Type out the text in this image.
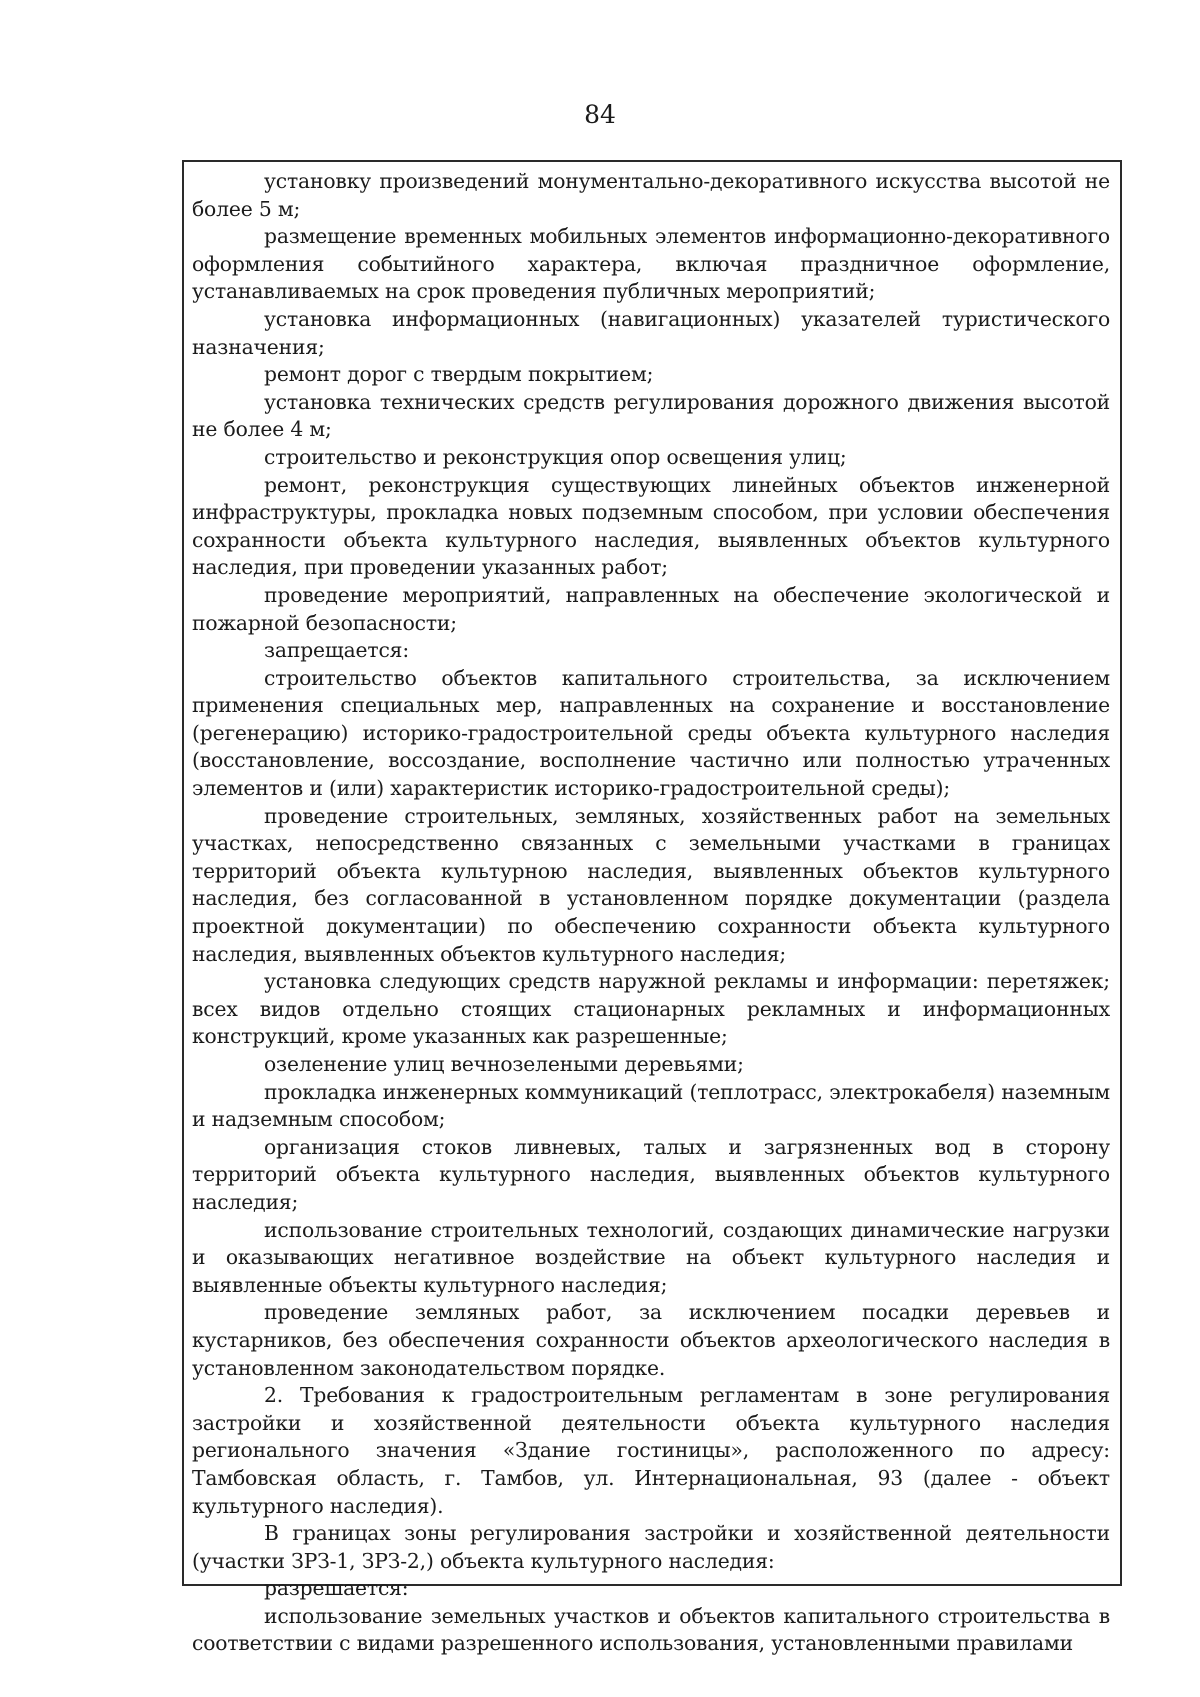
84

установку произведений монументально-декоративного искусства высотой не более 5 м;

размещение временных мобильных элементов информационно-декоративного оформления событийного характера, включая праздничное оформление, устанавливаемых на срок проведения публичных мероприятий;

установка информационных (навигационных) указателей туристического назначения;

ремонт дорог с твердым покрытием;

установка технических средств регулирования дорожного движения высотой не более 4 м;

строительство и реконструкция опор освещения улиц;

ремонт, реконструкция существующих линейных объектов инженерной инфраструктуры, прокладка новых подземным способом, при условии обеспечения сохранности объекта культурного наследия, выявленных объектов культурного наследия, при проведении указанных работ;

проведение мероприятий, направленных на обеспечение экологической и пожарной безопасности;

запрещается:

строительство объектов капитального строительства, за исключением применения специальных мер, направленных на сохранение и восстановление (регенерацию) историко-градостроительной среды объекта культурного наследия (восстановление, воссоздание, восполнение частично или полностью утраченных элементов и (или) характеристик историко-градостроительной среды);

проведение строительных, земляных, хозяйственных работ на земельных участках, непосредственно связанных с земельными участками в границах территорий объекта культурною наследия, выявленных объектов культурного наследия, без согласованной в установленном порядке документации (раздела проектной документации) по обеспечению сохранности объекта культурного наследия, выявленных объектов культурного наследия;

установка следующих средств наружной рекламы и информации: перетяжек; всех видов отдельно стоящих стационарных рекламных и информационных конструкций, кроме указанных как разрешенные;

озеленение улиц вечнозелеными деревьями;

прокладка инженерных коммуникаций (теплотрасс, электрокабеля) наземным и надземным способом;

организация стоков ливневых, талых и загрязненных вод в сторону территорий объекта культурного наследия, выявленных объектов культурного наследия;

использование строительных технологий, создающих динамические нагрузки и оказывающих негативное воздействие на объект культурного наследия и выявленные объекты культурного наследия;

проведение земляных работ, за исключением посадки деревьев и кустарников, без обеспечения сохранности объектов археологического наследия в установленном законодательством порядке.

2. Требования к градостроительным регламентам в зоне регулирования застройки и хозяйственной деятельности объекта культурного наследия регионального значения «Здание гостиницы», расположенного по адресу: Тамбовская область, г. Тамбов, ул. Интернациональная, 93 (далее - объект культурного наследия).

В границах зоны регулирования застройки и хозяйственной деятельности (участки ЗРЗ-1, ЗРЗ-2,) объекта культурного наследия:

разрешается:

использование земельных участков и объектов капитального строительства в соответствии с видами разрешенного использования, установленными правилами
